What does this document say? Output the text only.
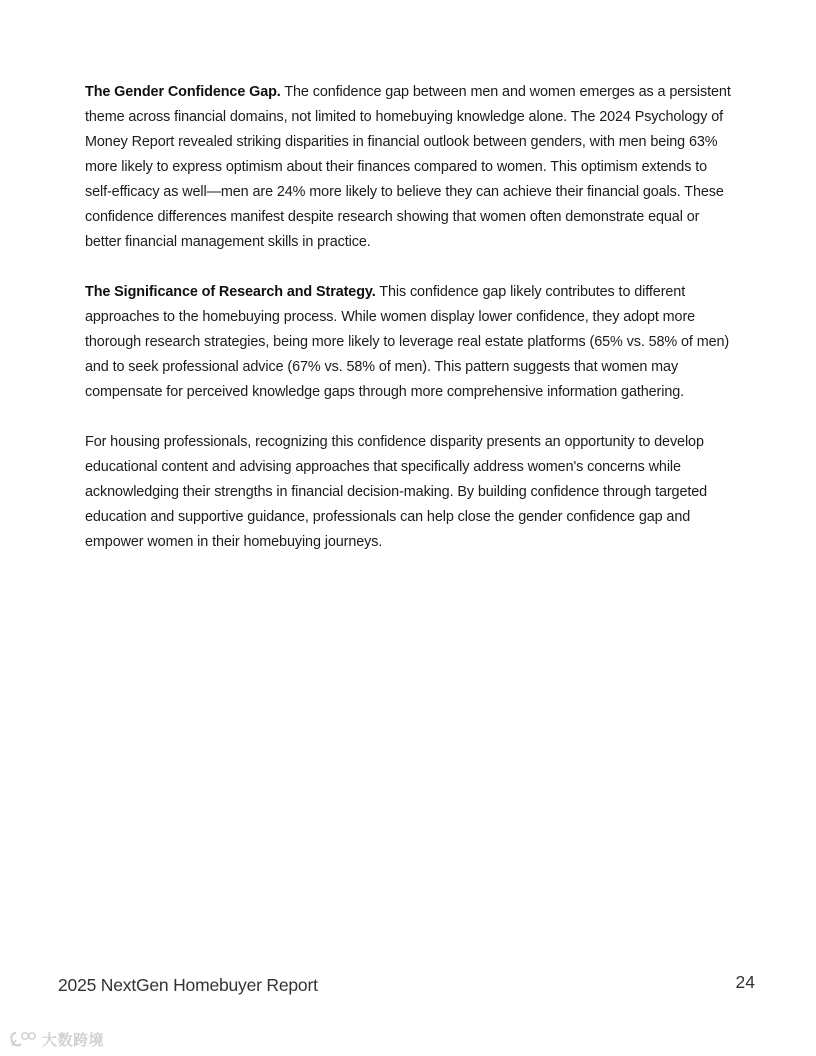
The Gender Confidence Gap. The confidence gap between men and women emerges as a persistent theme across financial domains, not limited to homebuying knowledge alone. The 2024 Psychology of Money Report revealed striking disparities in financial outlook between genders, with men being 63% more likely to express optimism about their finances compared to women. This optimism extends to self-efficacy as well—men are 24% more likely to believe they can achieve their financial goals. These confidence differences manifest despite research showing that women often demonstrate equal or better financial management skills in practice.

The Significance of Research and Strategy. This confidence gap likely contributes to different approaches to the homebuying process. While women display lower confidence, they adopt more thorough research strategies, being more likely to leverage real estate platforms (65% vs. 58% of men) and to seek professional advice (67% vs. 58% of men). This pattern suggests that women may compensate for perceived knowledge gaps through more comprehensive information gathering.

For housing professionals, recognizing this confidence disparity presents an opportunity to develop educational content and advising approaches that specifically address women's concerns while acknowledging their strengths in financial decision-making. By building confidence through targeted education and supportive guidance, professionals can help close the gender confidence gap and empower women in their homebuying journeys.

2025 NextGen Homebuyer Report	24
大数跨境
